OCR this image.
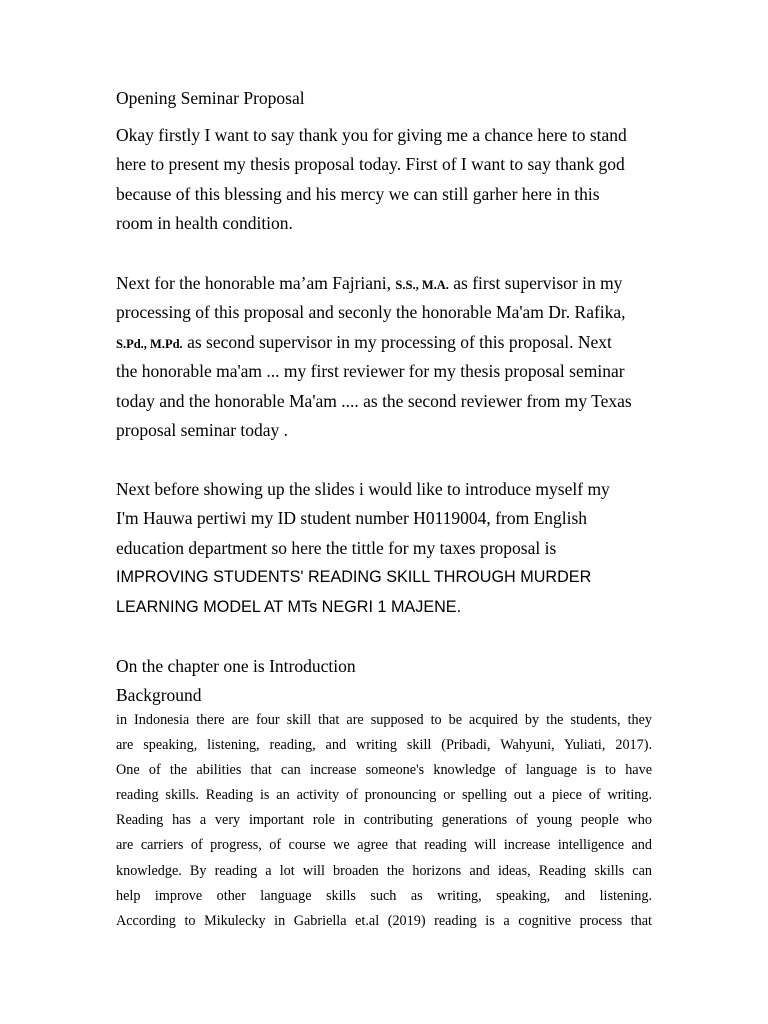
Opening Seminar Proposal
Okay firstly I want to say thank you for giving me a chance here to stand
here to present my thesis proposal today. First of I want to say thank god
because of this blessing and his mercy we can still garher here in this
room in health condition.
Next for the honorable ma’am Fajriani, S.S., M.A. as first supervisor in my
processing of this proposal and seconly the honorable Ma'am Dr. Rafika,
S.Pd., M.Pd. as second supervisor in my processing of this proposal. Next
the honorable ma'am ... my first reviewer for my thesis proposal seminar
today and the honorable Ma'am .... as the second reviewer from my Texas
proposal seminar today .
Next before showing up the slides i would like to introduce myself my
I'm Hauwa pertiwi my ID student number H0119004, from English
education department so here the tittle for my taxes proposal is
IMPROVING STUDENTS' READING SKILL THROUGH MURDER
LEARNING MODEL AT MTs NEGRI 1 MAJENE.
On the chapter one is Introduction
Background
in Indonesia there are four skill that are supposed to be acquired by the students, they
are speaking, listening, reading, and writing skill (Pribadi, Wahyuni, Yuliati, 2017).
One of the abilities that can increase someone's knowledge of language is to have
reading skills. Reading is an activity of pronouncing or spelling out a piece of writing.
Reading has a very important role in contributing generations of young people who
are carriers of progress, of course we agree that reading will increase intelligence and
knowledge. By reading a lot will broaden the horizons and ideas, Reading skills can
help improve other language skills such as writing, speaking, and listening.
According to Mikulecky in Gabriella et.al (2019) reading is a cognitive process that
